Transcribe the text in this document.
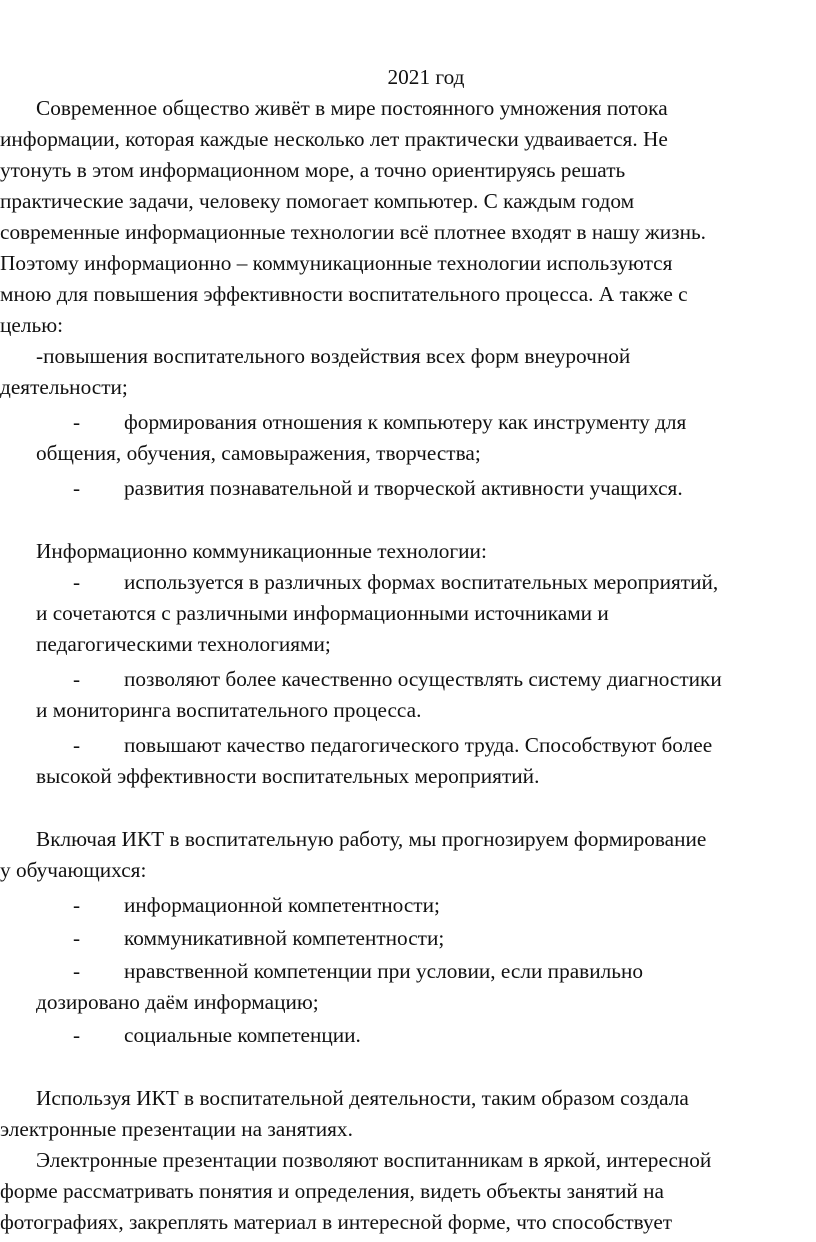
2021 год
Современное общество живёт в мире постоянного умножения потока
информации, которая каждые несколько лет практически удваивается. Не
утонуть в этом информационном море, а точно ориентируясь решать
практические задачи, человеку помогает компьютер. С каждым годом
современные информационные технологии всё плотнее входят в нашу жизнь.
Поэтому информационно – коммуникационные технологии используются
мною для повышения эффективности воспитательного процесса. А также с
целью:
-повышения воспитательного воздействия всех форм внеурочной
деятельности;
- формирования отношения к компьютеру как инструменту для
общения, обучения, самовыражения, творчества;
- развития познавательной и творческой активности учащихся.
Информационно коммуникационные технологии:
- используется в различных формах воспитательных мероприятий,
и сочетаются с различными информационными источниками и
педагогическими технологиями;
- позволяют более качественно осуществлять систему диагностики
и мониторинга воспитательного процесса.
- повышают качество педагогического труда. Способствуют более
высокой эффективности воспитательных мероприятий.
Включая ИКТ в воспитательную работу, мы прогнозируем формирование
у обучающихся:
- информационной компетентности;
- коммуникативной компетентности;
- нравственной компетенции при условии, если правильно
дозировано даём информацию;
- социальные компетенции.
Используя ИКТ в воспитательной деятельности, таким образом создала
электронные презентации на занятиях.
Электронные презентации позволяют воспитанникам в яркой, интересной
форме рассматривать понятия и определения, видеть объекты занятий на
фотографиях, закреплять материал в интересной форме, что способствует
